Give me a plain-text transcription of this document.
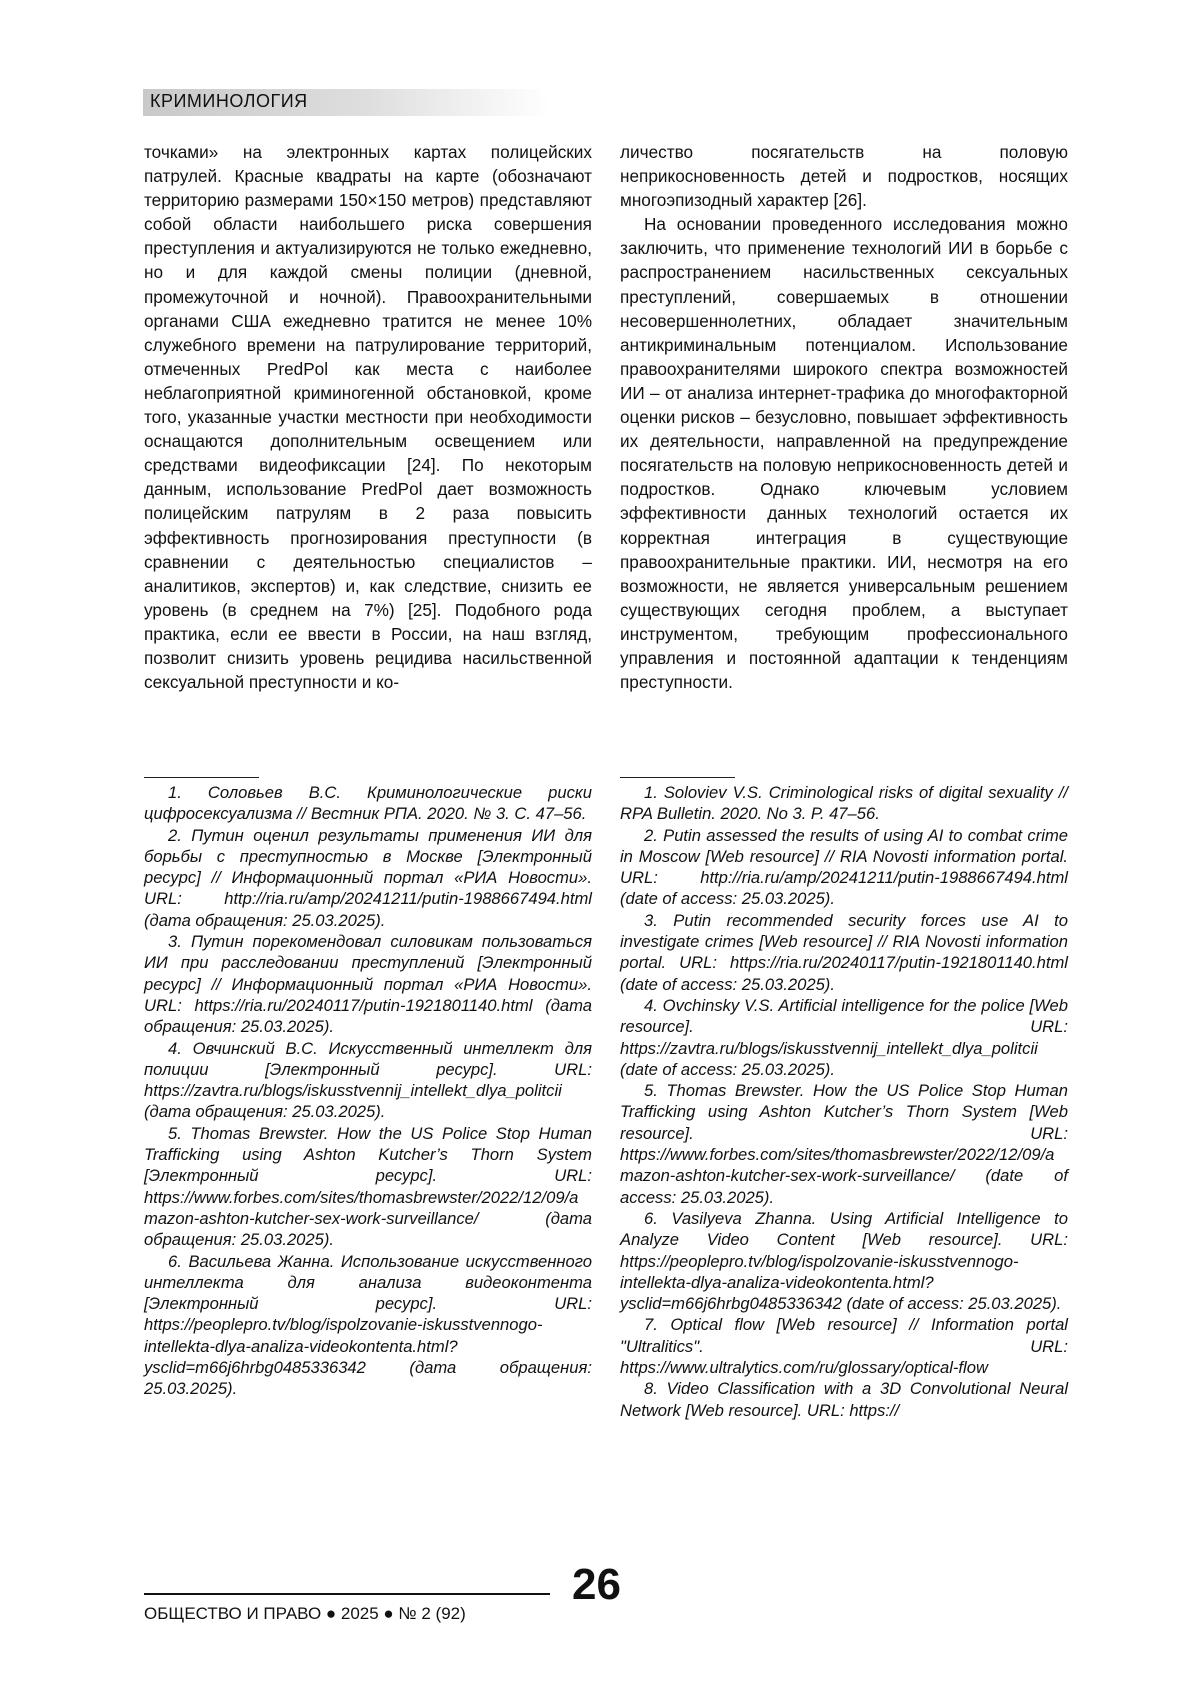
КРИМИНОЛОГИЯ

точками» на электронных картах полицейских патрулей. Красные квадраты на карте (обозначают территорию размерами 150×150 метров) представляют собой области наибольшего риска совершения преступления и актуализируются не только ежедневно, но и для каждой смены полиции (дневной, промежуточной и ночной). Правоохранительными органами США ежедневно тратится не менее 10% служебного времени на патрулирование территорий, отмеченных PredPol как места с наиболее неблагоприятной криминогенной обстановкой, кроме того, указанные участки местности при необходимости оснащаются дополнительным освещением или средствами видеофиксации [24]. По некоторым данным, использование PredPol дает возможность полицейским патрулям в 2 раза повысить эффективность прогнозирования преступности (в сравнении с деятельностью специалистов – аналитиков, экспертов) и, как следствие, снизить ее уровень (в среднем на 7%) [25]. Подобного рода практика, если ее ввести в России, на наш взгляд, позволит снизить уровень рецидива насильственной сексуальной преступности и ко-

личество посягательств на половую неприкосновенность детей и подростков, носящих многоэпизодный характер [26].

На основании проведенного исследования можно заключить, что применение технологий ИИ в борьбе с распространением насильственных сексуальных преступлений, совершаемых в отношении несовершеннолетних, обладает значительным антикриминальным потенциалом. Использование правоохранителями широкого спектра возможностей ИИ – от анализа интернет-трафика до многофакторной оценки рисков – безусловно, повышает эффективность их деятельности, направленной на предупреждение посягательств на половую неприкосновенность детей и подростков. Однако ключевым условием эффективности данных технологий остается их корректная интеграция в существующие правоохранительные практики. ИИ, несмотря на его возможности, не является универсальным решением существующих сегодня проблем, а выступает инструментом, требующим профессионального управления и постоянной адаптации к тенденциям преступности.

1. Соловьев В.С. Криминологические риски цифросексуализма // Вестник РПА. 2020. № 3. С. 47–56.

2. Путин оценил результаты применения ИИ для борьбы с преступностью в Москве [Электронный ресурс] // Информационный портал «РИА Новости». URL: http://ria.ru/amp/20241211/putin-1988667494.html (дата обращения: 25.03.2025).

3. Путин порекомендовал силовикам пользоваться ИИ при расследовании преступлений [Электронный ресурс] // Информационный портал «РИА Новости». URL: https://ria.ru/20240117/putin-1921801140.html (дата обращения: 25.03.2025).

4. Овчинский В.С. Искусственный интеллект для полиции [Электронный ресурс]. URL: https://zavtra.ru/blogs/iskusstvennij_intellekt_dlya_politcii (дата обращения: 25.03.2025).

5. Thomas Brewster. How the US Police Stop Human Trafficking using Ashton Kutcher’s Thorn System [Электронный ресурс]. URL: https://www.forbes.com/sites/thomasbrewster/2022/12/09/amazon-ashton-kutcher-sex-work-surveillance/ (дата обращения: 25.03.2025).

6. Васильева Жанна. Использование искусственного интеллекта для анализа видеоконтента [Электронный ресурс]. URL: https://peoplepro.tv/blog/ispolzovanie-iskusstvennogo-intellekta-dlya-analiza-videokontenta.html?ysclid=m66j6hrbg0485336342 (дата обращения: 25.03.2025).

1. Soloviev V.S. Criminological risks of digital sexuality // RPA Bulletin. 2020. No 3. P. 47–56.

2. Putin assessed the results of using AI to combat crime in Moscow [Web resource] // RIA Novosti information portal. URL: http://ria.ru/amp/20241211/putin-1988667494.html (date of access: 25.03.2025).

3. Putin recommended security forces use AI to investigate crimes [Web resource] // RIA Novosti information portal. URL: https://ria.ru/20240117/putin-1921801140.html (date of access: 25.03.2025).

4. Ovchinsky V.S. Artificial intelligence for the police [Web resource]. URL: https://zavtra.ru/blogs/iskusstvennij_intellekt_dlya_politcii (date of access: 25.03.2025).

5. Thomas Brewster. How the US Police Stop Human Trafficking using Ashton Kutcher’s Thorn System [Web resource]. URL: https://www.forbes.com/sites/thomasbrewster/2022/12/09/amazon-ashton-kutcher-sex-work-surveillance/ (date of access: 25.03.2025).

6. Vasilyeva Zhanna. Using Artificial Intelligence to Analyze Video Content [Web resource]. URL: https://peoplepro.tv/blog/ispolzovanie-iskusstvennogo-intellekta-dlya-analiza-videokontenta.html?ysclid=m66j6hrbg0485336342 (date of access: 25.03.2025).

7. Optical flow [Web resource] // Information portal "Ultralitics". URL: https://www.ultralytics.com/ru/glossary/optical-flow

8. Video Classification with a 3D Convolutional Neural Network [Web resource]. URL: https://

ОБЩЕСТВО И ПРАВО ● 2025 ● № 2 (92)
26
